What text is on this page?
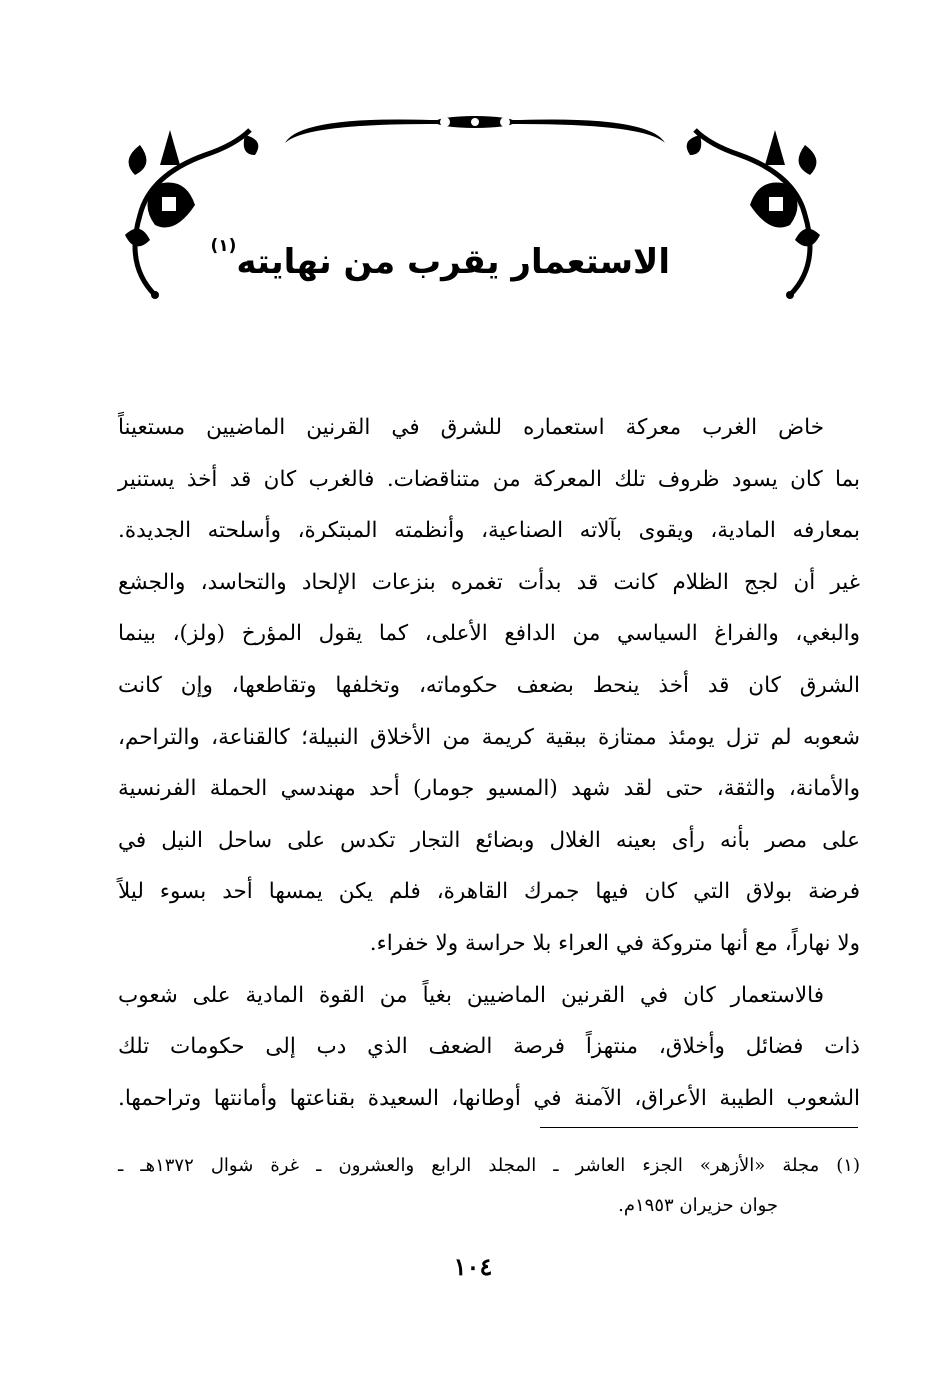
الاستعمار يقرب من نهايته$^{(١)}$
خاض الغرب معركة استعماره للشرق في القرنين الماضيين مستعيناً
بما كان يسود ظروف تلك المعركة من متناقضات. فالغرب كان قد أخذ يستنير
بمعارفه المادية، ويقوى بآلاته الصناعية، وأنظمته المبتكرة، وأسلحته الجديدة.
غير أن لجج الظلام كانت قد بدأت تغمره بنزعات الإلحاد والتحاسد، والجشع
والبغي، والفراغ السياسي من الدافع الأعلى، كما يقول المؤرخ (ولز)، بينما
الشرق كان قد أخذ ينحط بضعف حكوماته، وتخلفها وتقاطعها، وإن كانت
شعوبه لم تزل يومئذ ممتازة ببقية كريمة من الأخلاق النبيلة؛ كالقناعة، والتراحم،
والأمانة، والثقة، حتى لقد شهد (المسيو جومار) أحد مهندسي الحملة الفرنسية
على مصر بأنه رأى بعينه الغلال وبضائع التجار تكدس على ساحل النيل في
فرضة بولاق التي كان فيها جمرك القاهرة، فلم يكن يمسها أحد بسوء ليلاً
ولا نهاراً، مع أنها متروكة في العراء بلا حراسة ولا خفراء.
فالاستعمار كان في القرنين الماضيين بغياً من القوة المادية على شعوب
ذات فضائل وأخلاق، منتهزاً فرصة الضعف الذي دب إلى حكومات تلك
الشعوب الطيبة الأعراق، الآمنة في أوطانها، السعيدة بقناعتها وأمانتها وتراحمها.
(١) مجلة «الأزهر» الجزء العاشر ـ المجلد الرابع والعشرون ـ غرة شوال ١٣٧٢هـ ـ
جوان حزيران ١٩٥٣م.
١٠٤
